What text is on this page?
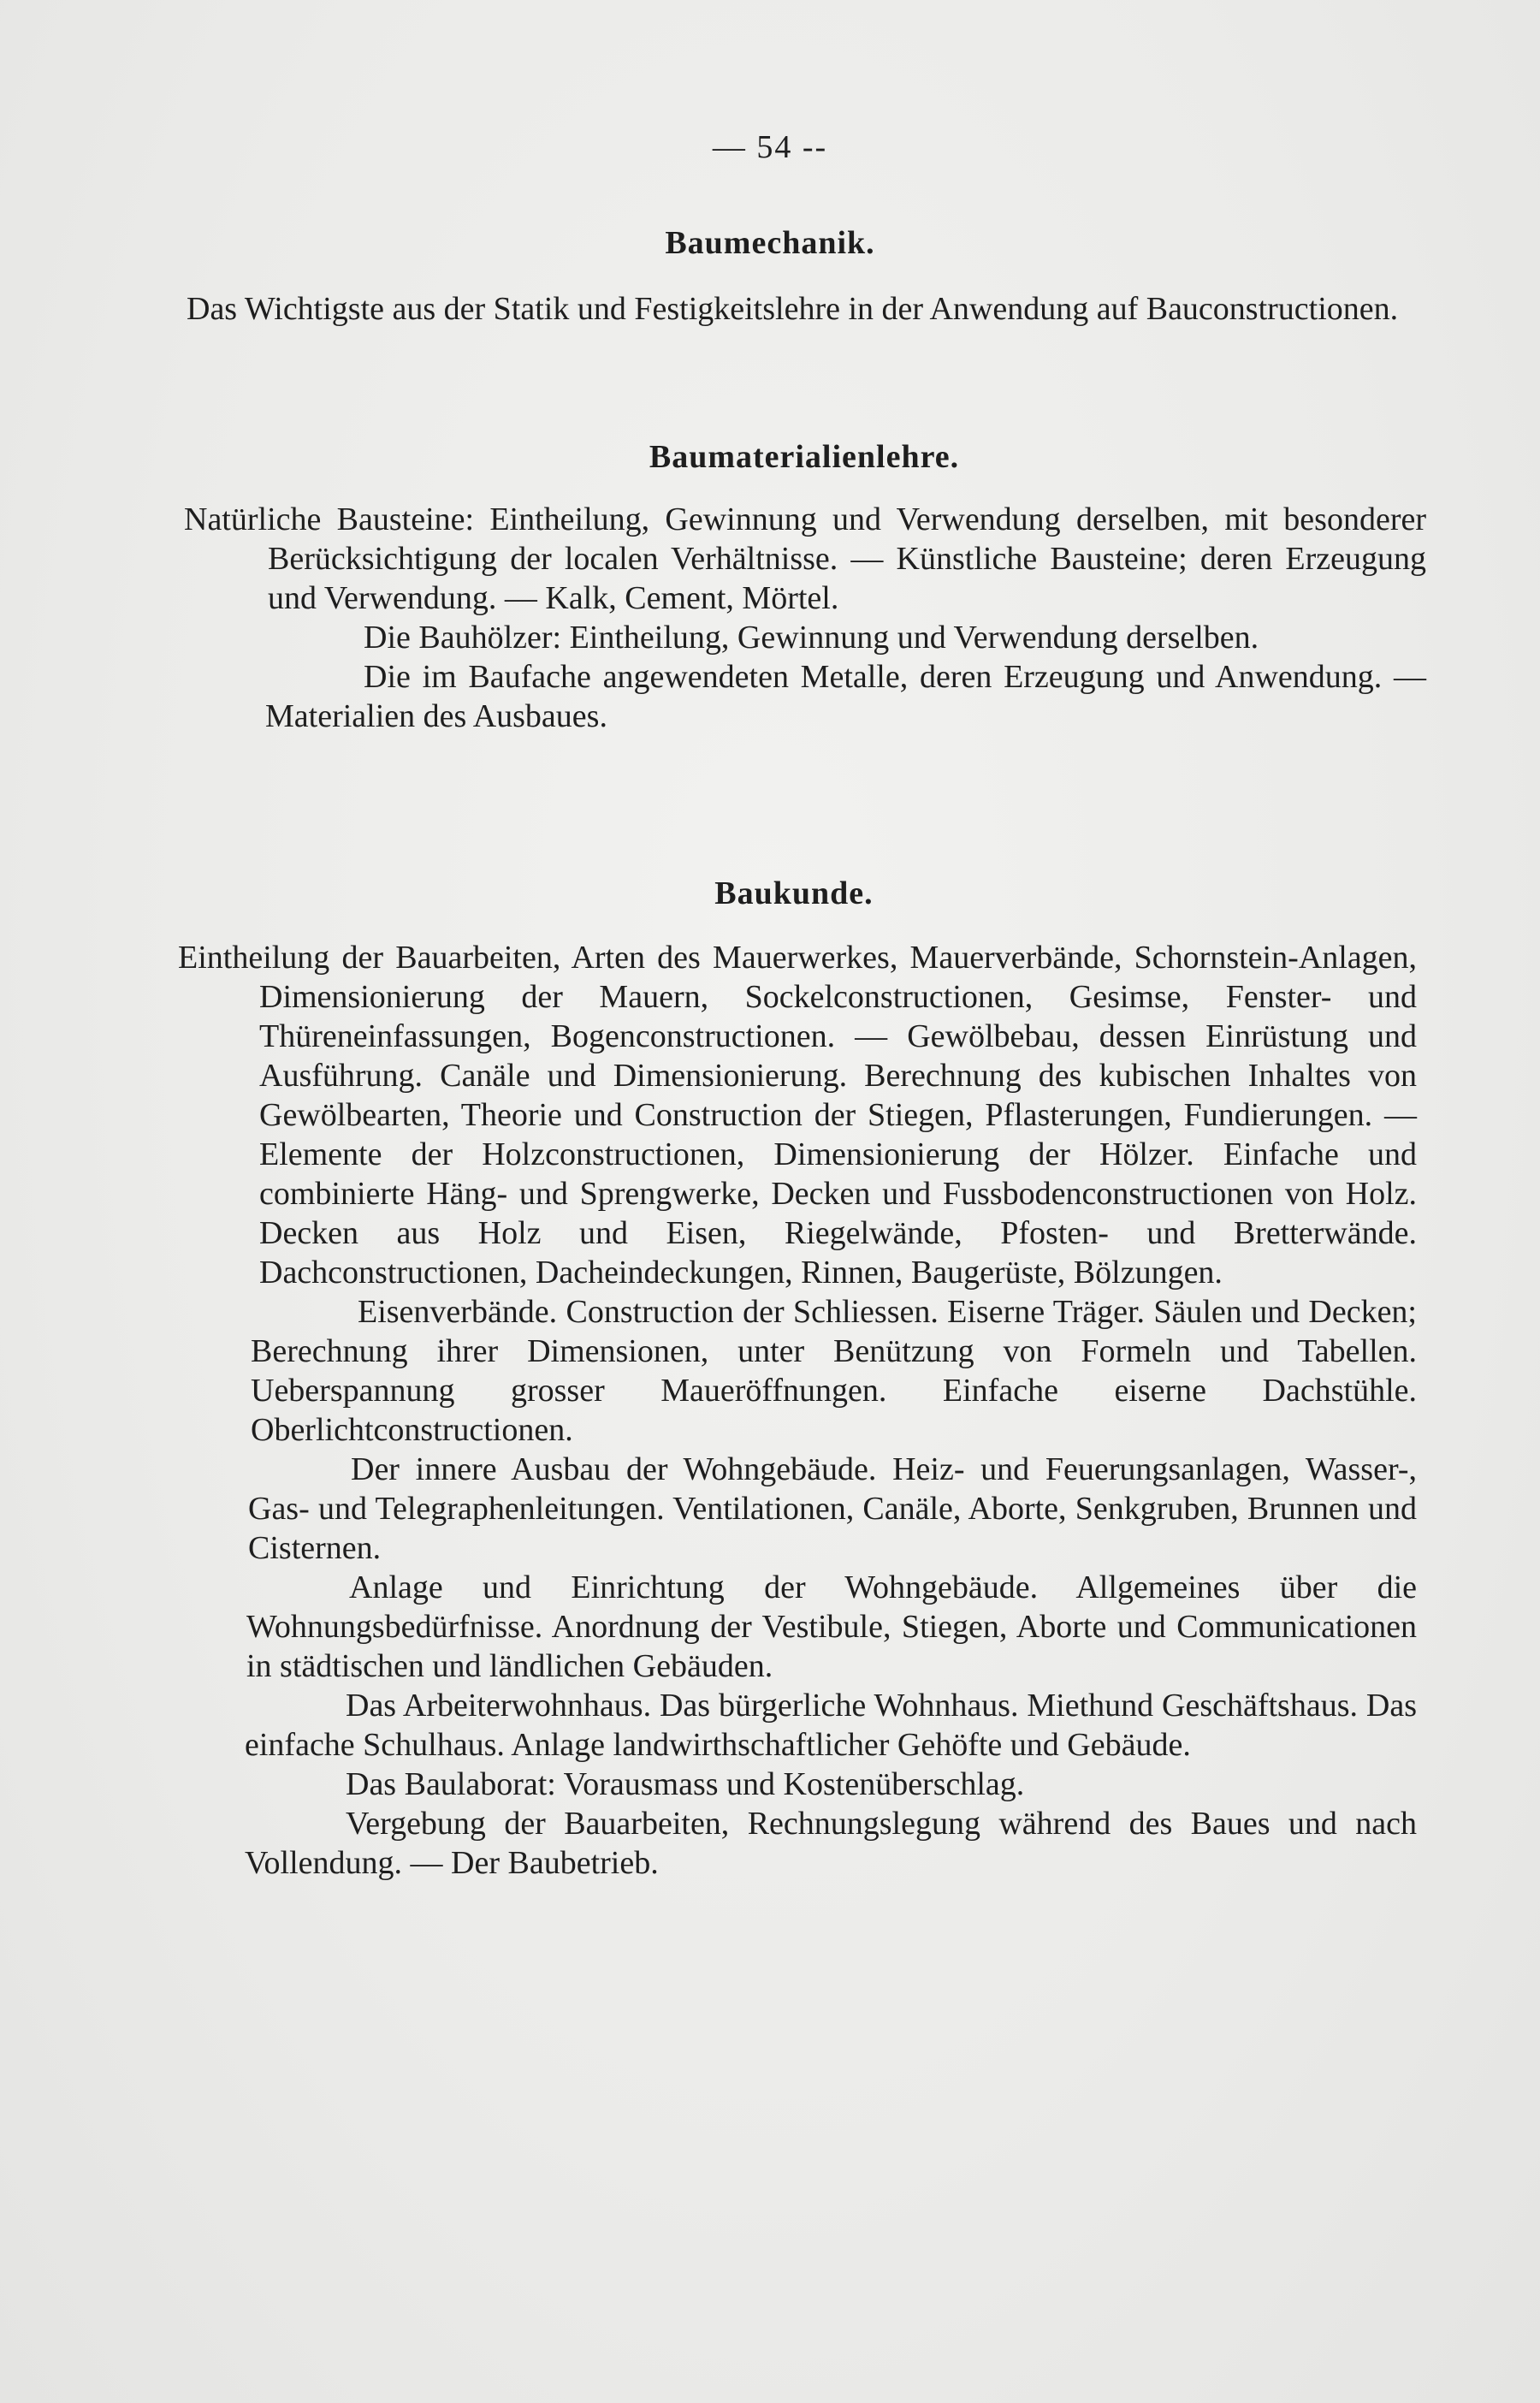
— 54 --
Baumechanik.

Das Wichtigste aus der Statik und Festigkeitslehre in der Anwendung auf Bauconstructionen.

Baumaterialienlehre.

Natürliche Bausteine: Eintheilung, Gewinnung und Verwendung derselben, mit besonderer Berücksichtigung der localen Verhältnisse. — Künstliche Bausteine; deren Erzeugung und Verwendung. — Kalk, Cement, Mörtel.

Die Bauhölzer: Eintheilung, Gewinnung und Verwendung derselben.

Die im Baufache angewendeten Metalle, deren Erzeugung und Anwendung. — Materialien des Ausbaues.

Baukunde.

Eintheilung der Bauarbeiten, Arten des Mauerwerkes, Mauerverbände, Schornstein-Anlagen, Dimensionierung der Mauern, Sockelconstructionen, Gesimse, Fenster- und Thüreneinfassungen, Bogenconstructionen. — Gewölbebau, dessen Einrüstung und Ausführung. Canäle und Dimensionierung. Berechnung des kubischen Inhaltes von Gewölbearten, Theorie und Construction der Stiegen, Pflasterungen, Fundierungen. — Elemente der Holzconstructionen, Dimensionierung der Hölzer. Einfache und combinierte Häng- und Sprengwerke, Decken und Fussbodenconstructionen von Holz. Decken aus Holz und Eisen, Riegelwände, Pfosten- und Bretterwände. Dachconstructionen, Dacheindeckungen, Rinnen, Baugerüste, Bölzungen.

Eisenverbände. Construction der Schliessen. Eiserne Träger. Säulen und Decken; Berechnung ihrer Dimensionen, unter Benützung von Formeln und Tabellen. Ueberspannung grosser Maueröffnungen. Einfache eiserne Dachstühle. Oberlichtconstructionen.

Der innere Ausbau der Wohngebäude. Heiz- und Feuerungsanlagen, Wasser-, Gas- und Telegraphenleitungen. Ventilationen, Canäle, Aborte, Senkgruben, Brunnen und Cisternen.

Anlage und Einrichtung der Wohngebäude. Allgemeines über die Wohnungsbedürfnisse. Anordnung der Vestibule, Stiegen, Aborte und Communicationen in städtischen und ländlichen Gebäuden.

Das Arbeiterwohnhaus. Das bürgerliche Wohnhaus. Miethund Geschäftshaus. Das einfache Schulhaus. Anlage landwirthschaftlicher Gehöfte und Gebäude.

Das Baulaborat: Vorausmass und Kostenüberschlag.

Vergebung der Bauarbeiten, Rechnungslegung während des Baues und nach Vollendung. — Der Baubetrieb.
